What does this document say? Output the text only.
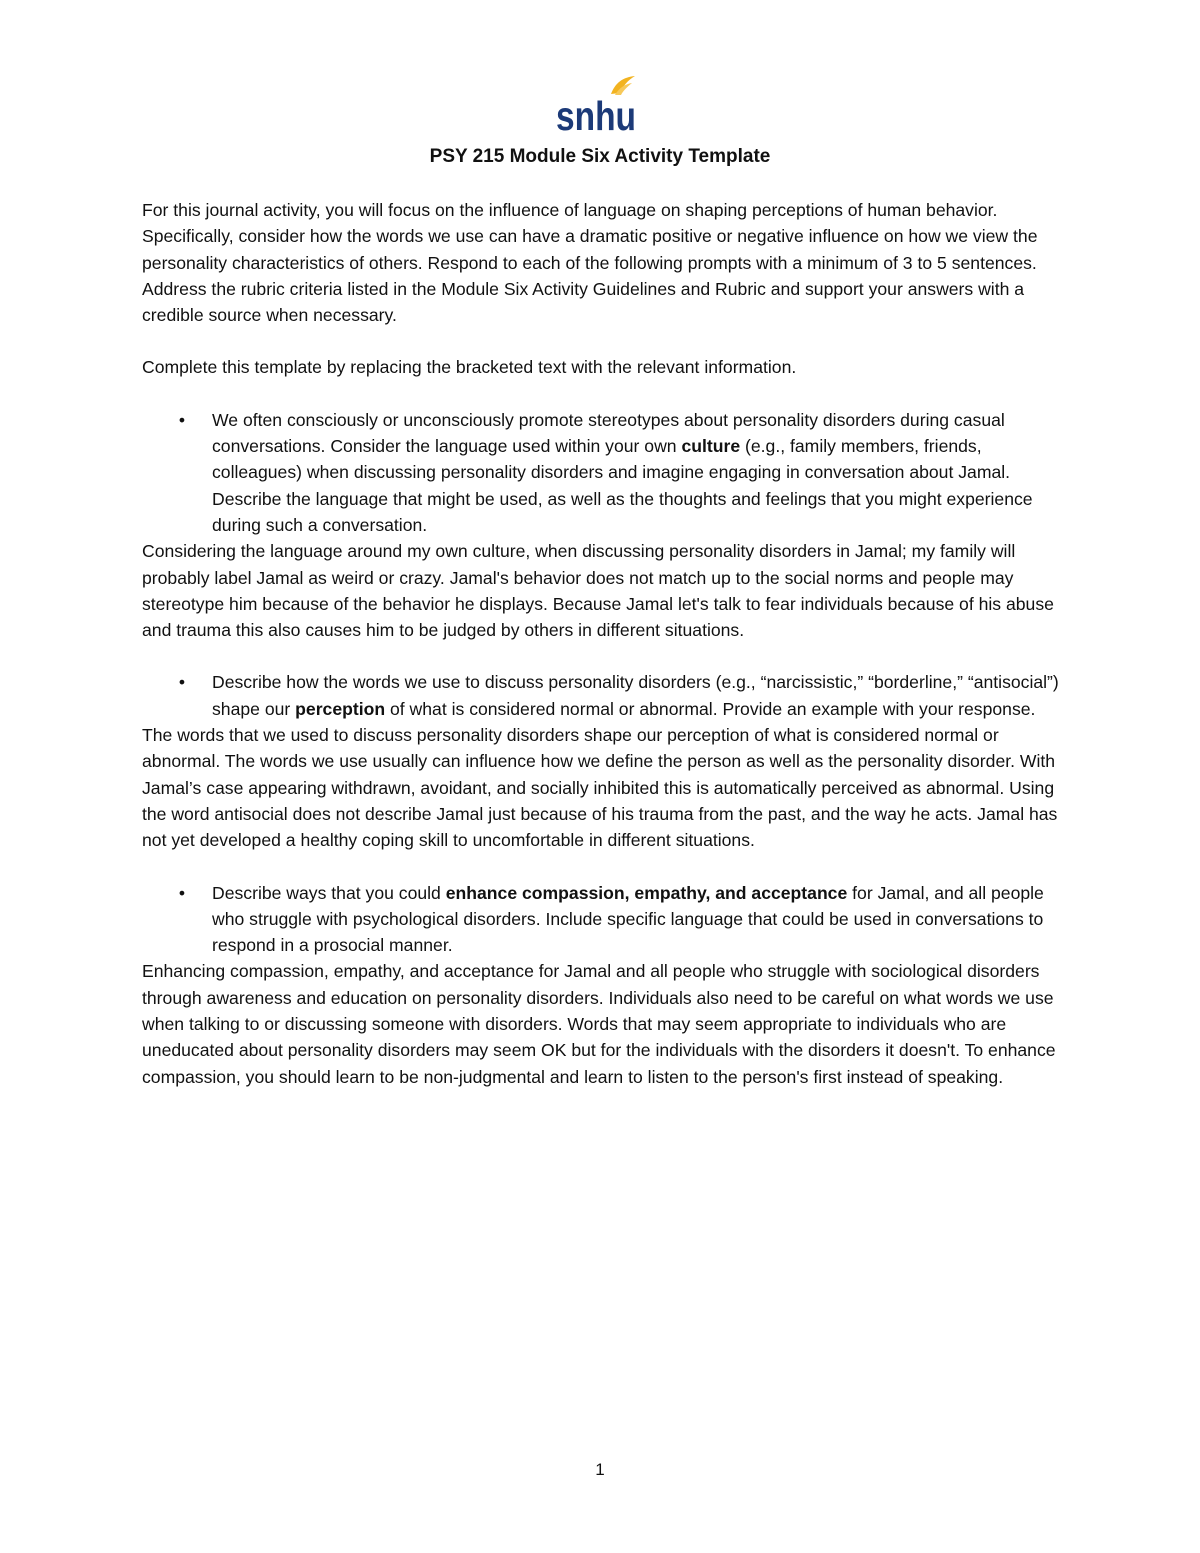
snhu
PSY 215 Module Six Activity Template

For this journal activity, you will focus on the influence of language on shaping perceptions of human behavior. Specifically, consider how the words we use can have a dramatic positive or negative influence on how we view the personality characteristics of others. Respond to each of the following prompts with a minimum of 3 to 5 sentences. Address the rubric criteria listed in the Module Six Activity Guidelines and Rubric and support your answers with a credible source when necessary.

Complete this template by replacing the bracketed text with the relevant information.

• We often consciously or unconsciously promote stereotypes about personality disorders during casual conversations. Consider the language used within your own culture (e.g., family members, friends, colleagues) when discussing personality disorders and imagine engaging in conversation about Jamal. Describe the language that might be used, as well as the thoughts and feelings that you might experience during such a conversation.

Considering the language around my own culture, when discussing personality disorders in Jamal; my family will probably label Jamal as weird or crazy. Jamal's behavior does not match up to the social norms and people may stereotype him because of the behavior he displays. Because Jamal let's talk to fear individuals because of his abuse and trauma this also causes him to be judged by others in different situations.

• Describe how the words we use to discuss personality disorders (e.g., “narcissistic,” “borderline,” “antisocial”) shape our perception of what is considered normal or abnormal. Provide an example with your response.

The words that we used to discuss personality disorders shape our perception of what is considered normal or abnormal. The words we use usually can influence how we define the person as well as the personality disorder. With Jamal’s case appearing withdrawn, avoidant, and socially inhibited this is automatically perceived as abnormal. Using the word antisocial does not describe Jamal just because of his trauma from the past, and the way he acts. Jamal has not yet developed a healthy coping skill to uncomfortable in different situations.

• Describe ways that you could enhance compassion, empathy, and acceptance for Jamal, and all people who struggle with psychological disorders. Include specific language that could be used in conversations to respond in a prosocial manner.

Enhancing compassion, empathy, and acceptance for Jamal and all people who struggle with sociological disorders through awareness and education on personality disorders. Individuals also need to be careful on what words we use when talking to or discussing someone with disorders. Words that may seem appropriate to individuals who are uneducated about personality disorders may seem OK but for the individuals with the disorders it doesn't. To enhance compassion, you should learn to be non-judgmental and learn to listen to the person's first instead of speaking.

1
